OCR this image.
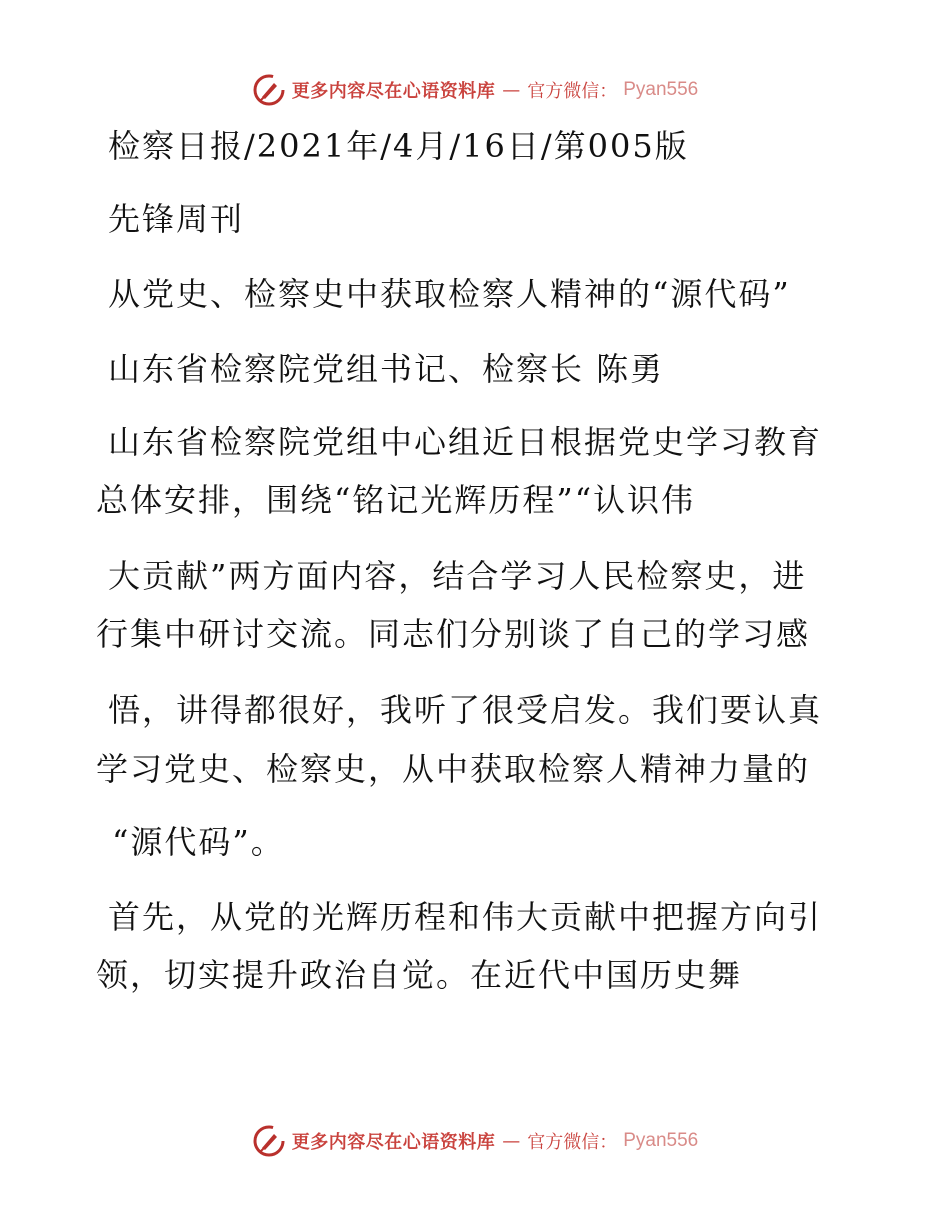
更多内容尽在心语资料库 — 官方微信： Pyan556
检察日报/2021年/4月/16日/第005版
先锋周刊
从党史、检察史中获取检察人精神的“源代码”
山东省检察院党组书记、检察长 陈勇
山东省检察院党组中心组近日根据党史学习教育
总体安排，围绕“铭记光辉历程”“认识伟
大贡献”两方面内容，结合学习人民检察史，进
行集中研讨交流。同志们分别谈了自己的学习感
悟，讲得都很好，我听了很受启发。我们要认真
学习党史、检察史，从中获取检察人精神力量的
“源代码”。
首先，从党的光辉历程和伟大贡献中把握方向引
领，切实提升政治自觉。在近代中国历史舞
更多内容尽在心语资料库 — 官方微信： Pyan556
